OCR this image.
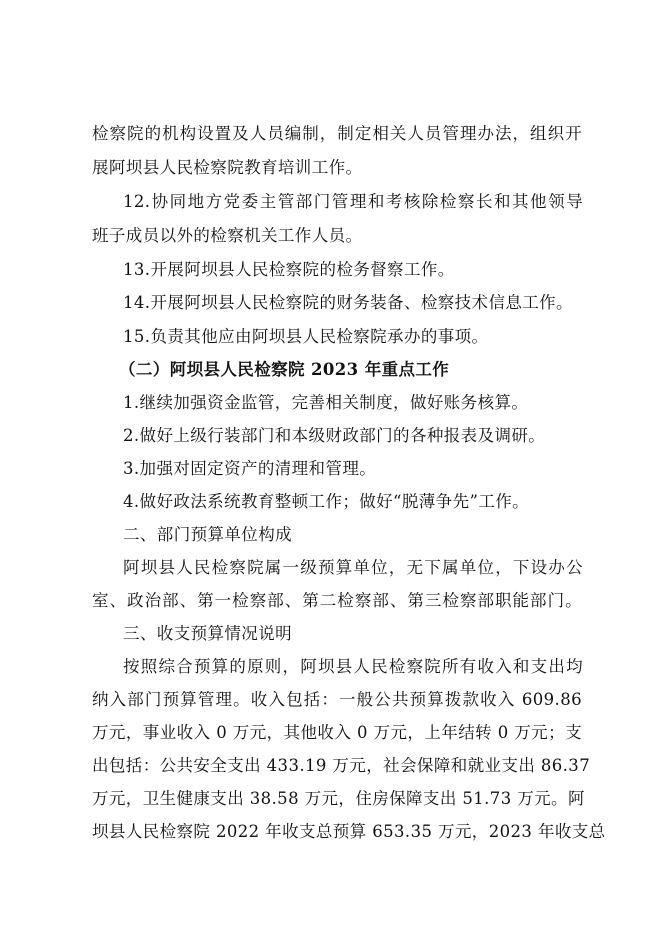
检察院的机构设置及人员编制，制定相关人员管理办法，组织开
展阿坝县人民检察院教育培训工作。
12.协同地方党委主管部门管理和考核除检察长和其他领导
班子成员以外的检察机关工作人员。
13.开展阿坝县人民检察院的检务督察工作。
14.开展阿坝县人民检察院的财务装备、检察技术信息工作。
15.负责其他应由阿坝县人民检察院承办的事项。
（二）阿坝县人民检察院 2023 年重点工作
1.继续加强资金监管，完善相关制度，做好账务核算。
2.做好上级行装部门和本级财政部门的各种报表及调研。
3.加强对固定资产的清理和管理。
4.做好政法系统教育整顿工作；做好“脱薄争先”工作。
二、部门预算单位构成
阿坝县人民检察院属一级预算单位，无下属单位，下设办公
室、政治部、第一检察部、第二检察部、第三检察部职能部门。
三、收支预算情况说明
按照综合预算的原则，阿坝县人民检察院所有收入和支出均
纳入部门预算管理。收入包括：一般公共预算拨款收入 609.86
万元，事业收入 0 万元，其他收入 0 万元，上年结转 0 万元；支
出包括：公共安全支出 433.19 万元，社会保障和就业支出 86.37
万元，卫生健康支出 38.58 万元，住房保障支出 51.73 万元。阿
坝县人民检察院 2022 年收支总预算 653.35 万元，2023 年收支总
